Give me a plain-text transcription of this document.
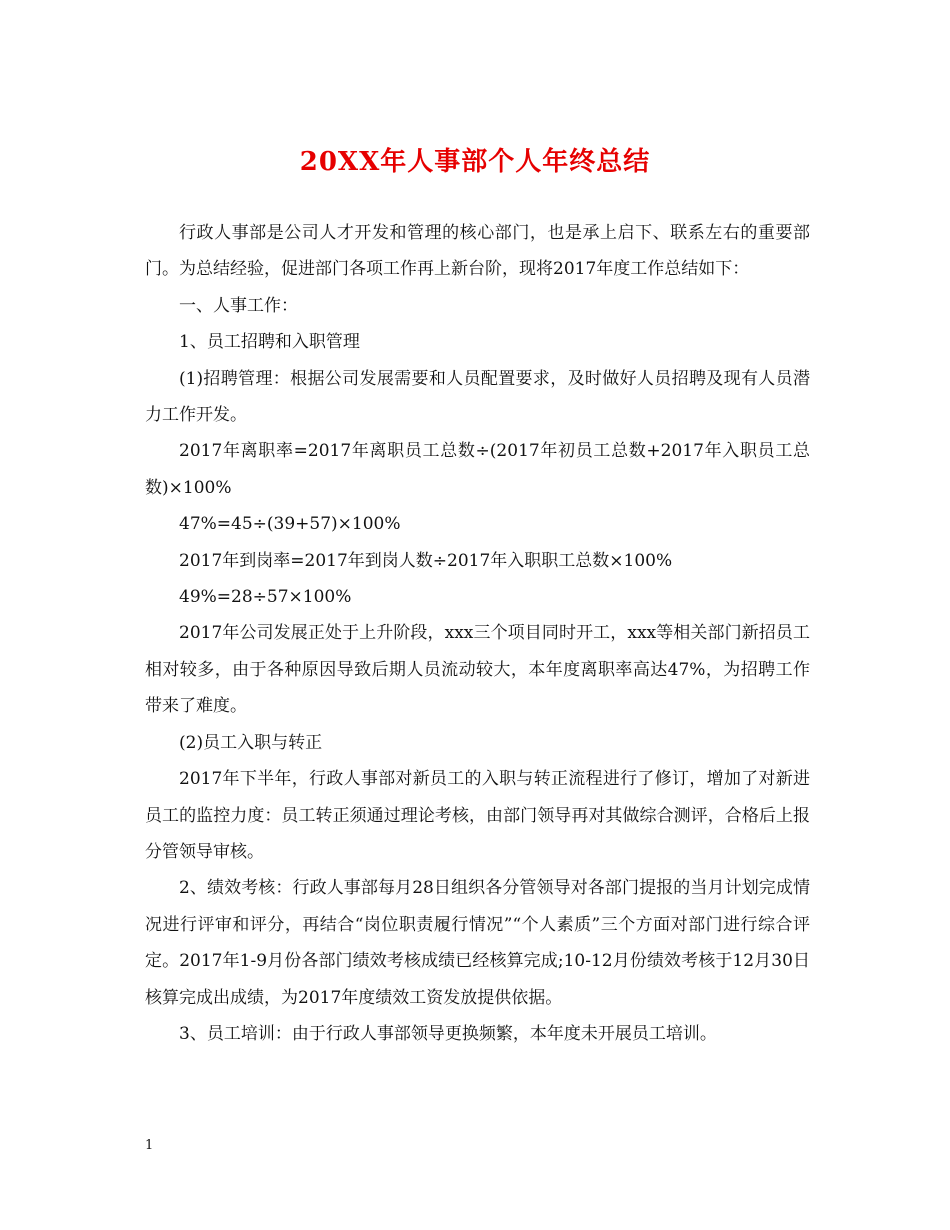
20XX年人事部个人年终总结

行政人事部是公司人才开发和管理的核心部门，也是承上启下、联系左右的重要部门。为总结经验，促进部门各项工作再上新台阶，现将2017年度工作总结如下：

一、人事工作：

1、员工招聘和入职管理

(1)招聘管理：根据公司发展需要和人员配置要求，及时做好人员招聘及现有人员潜力工作开发。

2017年离职率=2017年离职员工总数÷(2017年初员工总数+2017年入职员工总数)×100%

47%=45÷(39+57)×100%

2017年到岗率=2017年到岗人数÷2017年入职职工总数×100%

49%=28÷57×100%

2017年公司发展正处于上升阶段，xxx三个项目同时开工，xxx等相关部门新招员工相对较多，由于各种原因导致后期人员流动较大，本年度离职率高达47%，为招聘工作带来了难度。

(2)员工入职与转正

2017年下半年，行政人事部对新员工的入职与转正流程进行了修订，增加了对新进员工的监控力度：员工转正须通过理论考核，由部门领导再对其做综合测评，合格后上报分管领导审核。

2、绩效考核：行政人事部每月28日组织各分管领导对各部门提报的当月计划完成情况进行评审和评分，再结合“岗位职责履行情况”“个人素质”三个方面对部门进行综合评定。2017年1-9月份各部门绩效考核成绩已经核算完成;10-12月份绩效考核于12月30日核算完成出成绩，为2017年度绩效工资发放提供依据。

3、员工培训：由于行政人事部领导更换频繁，本年度未开展员工培训。

1
